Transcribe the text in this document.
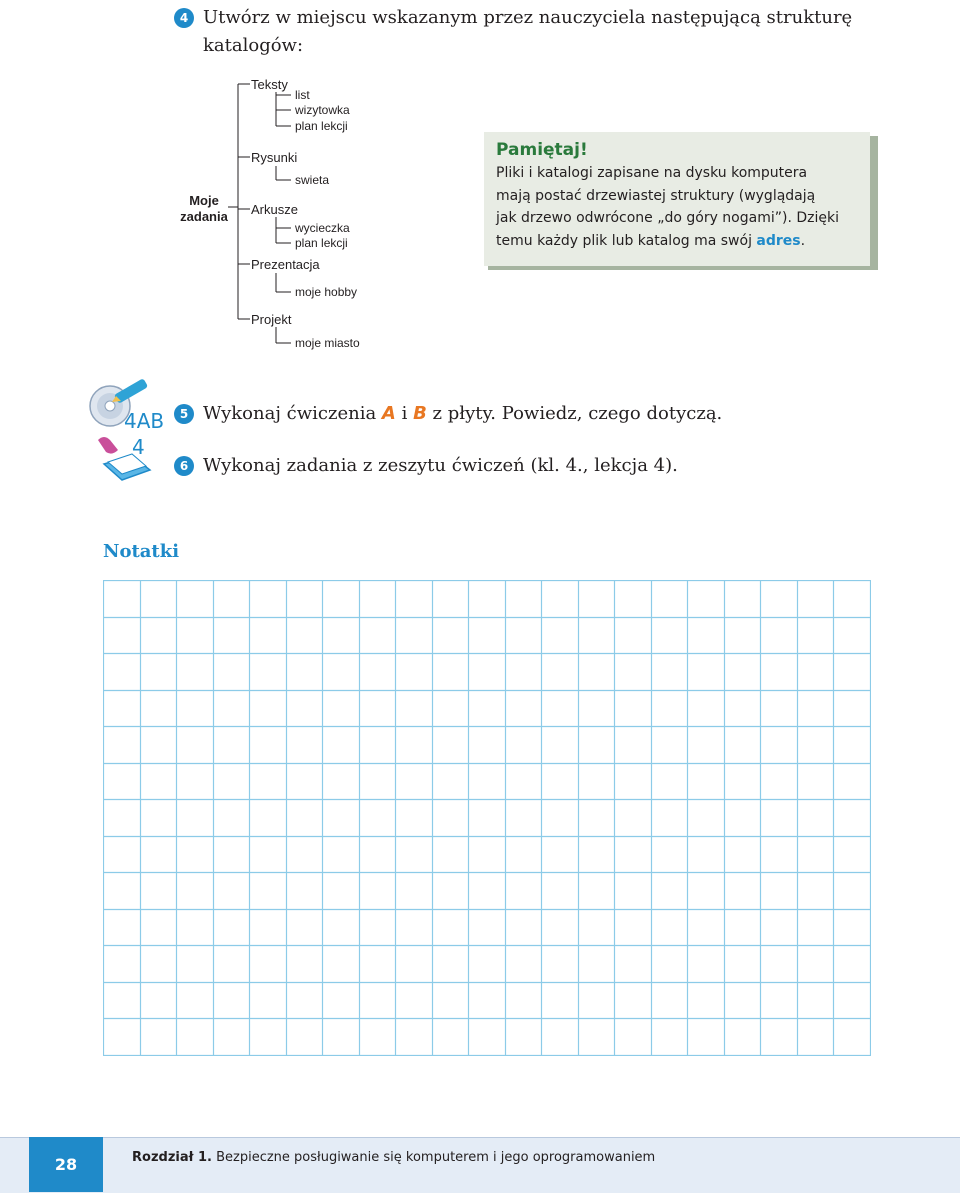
4 Utwórz w miejscu wskazanym przez nauczyciela następującą strukturę
katalogów:
Moje
zadania
Teksty
list
wizytowka
plan lekcji
Rysunki
swieta
Arkusze
wycieczka
plan lekcji
Prezentacja
moje hobby
Projekt
moje miasto
Pamiętaj!
Pliki i katalogi zapisane na dysku komputera
mają postać drzewiastej struktury (wyglądają
jak drzewo odwrócone „do góry nogami”). Dzięki
temu każdy plik lub katalog ma swój adres.
4AB
4
5 Wykonaj ćwiczenia A i B z płyty. Powiedz, czego dotyczą.
6 Wykonaj zadania z zeszytu ćwiczeń (kl. 4., lekcja 4).
Notatki
28	Rozdział 1. Bezpieczne posługiwanie się komputerem i jego oprogramowaniem
